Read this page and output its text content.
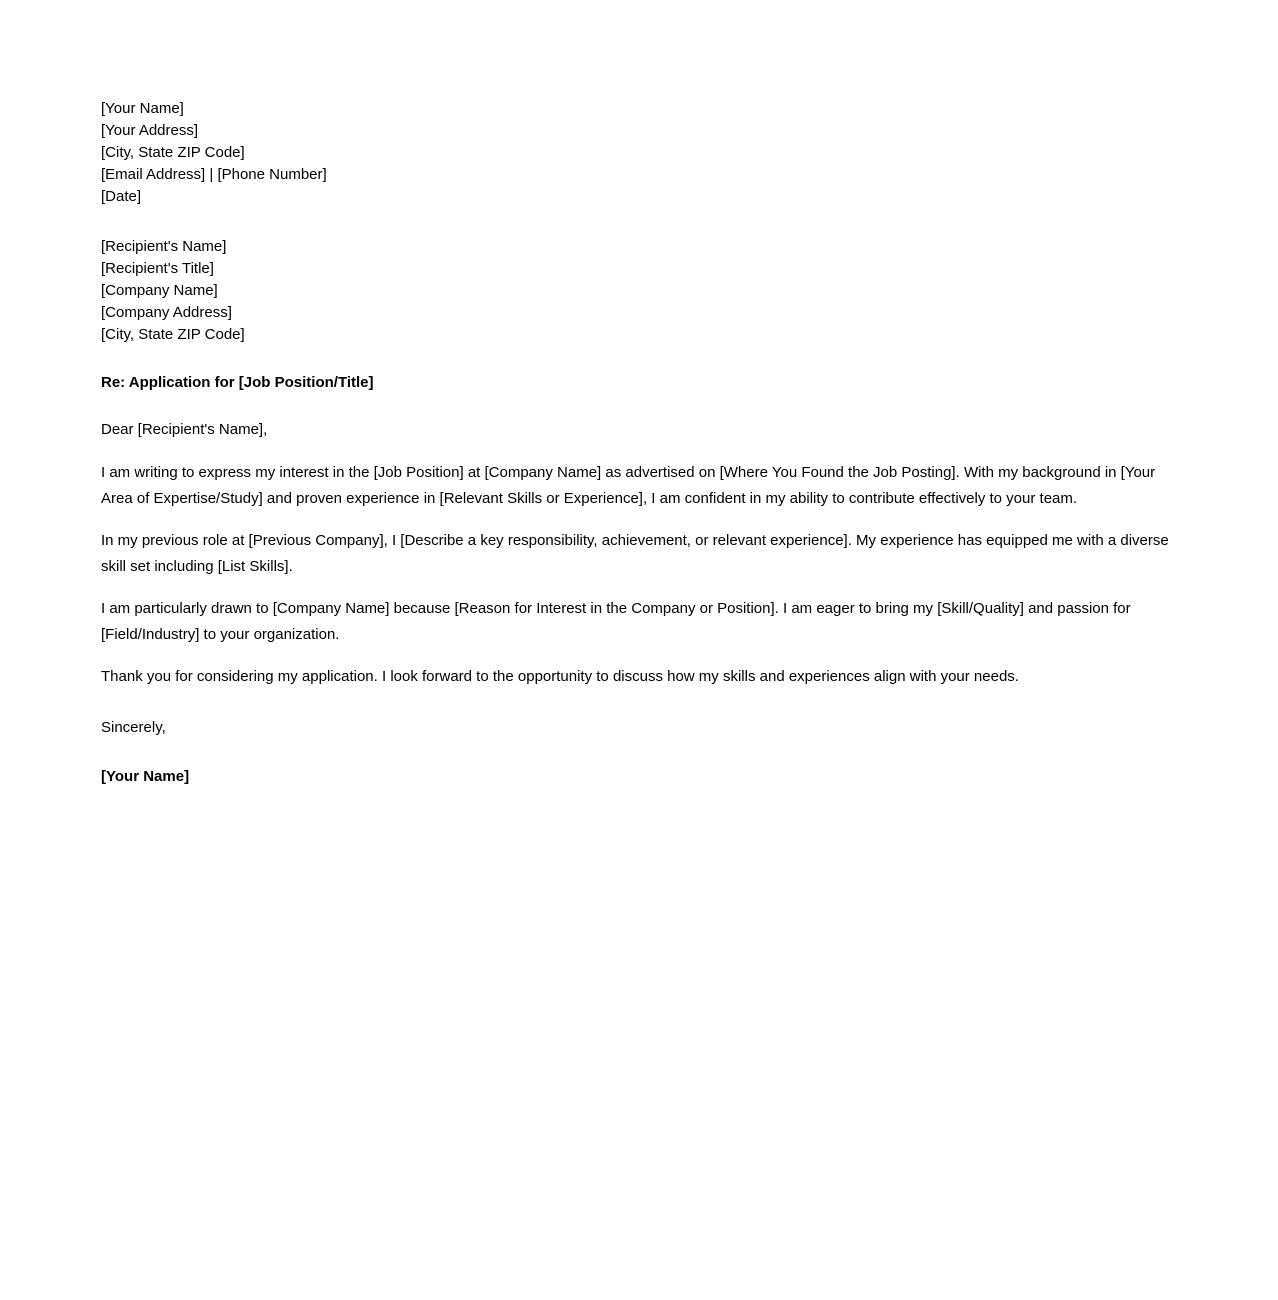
[Your Name]
[Your Address]
[City, State ZIP Code]
[Email Address] | [Phone Number]
[Date]
[Recipient's Name]
[Recipient's Title]
[Company Name]
[Company Address]
[City, State ZIP Code]

Re: Application for [Job Position/Title]

Dear [Recipient's Name],

I am writing to express my interest in the [Job Position] at [Company Name] as advertised on [Where You Found the Job Posting]. With my background in [Your Area of Expertise/Study] and proven experience in [Relevant Skills or Experience], I am confident in my ability to contribute effectively to your team.

In my previous role at [Previous Company], I [Describe a key responsibility, achievement, or relevant experience]. My experience has equipped me with a diverse skill set including [List Skills].

I am particularly drawn to [Company Name] because [Reason for Interest in the Company or Position]. I am eager to bring my [Skill/Quality] and passion for [Field/Industry] to your organization.

Thank you for considering my application. I look forward to the opportunity to discuss how my skills and experiences align with your needs.

Sincerely,

[Your Name]
